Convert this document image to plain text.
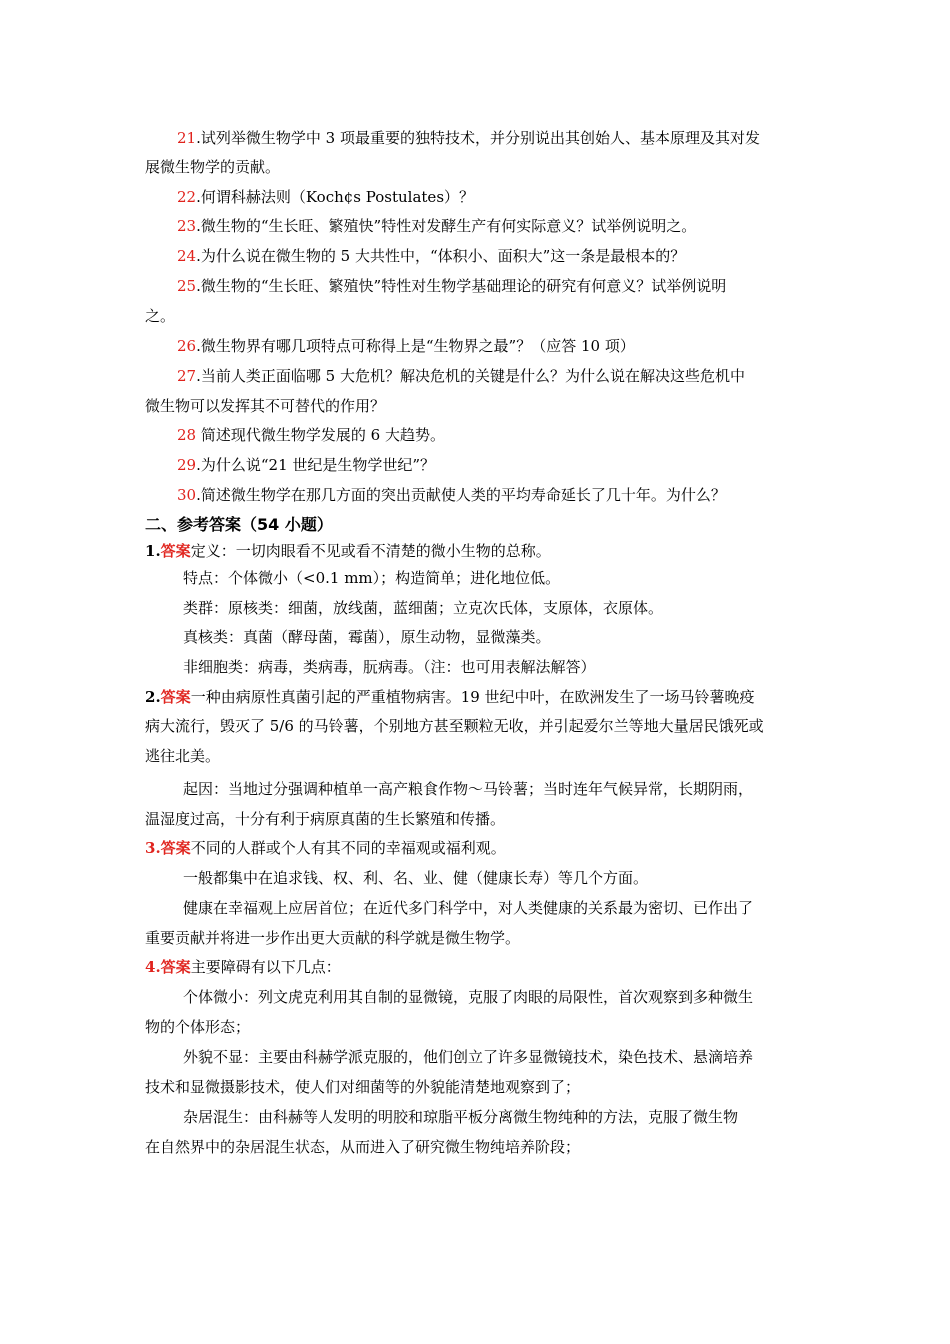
21.试列举微生物学中 3 项最重要的独特技术，并分别说出其创始人、基本原理及其对发
展微生物学的贡献。
22.何谓科赫法则（Koch¢s Postulates）？
23.微生物的“生长旺、繁殖快”特性对发酵生产有何实际意义？试举例说明之。
24.为什么说在微生物的 5 大共性中，“体积小、面积大”这一条是最根本的？
25.微生物的“生长旺、繁殖快”特性对生物学基础理论的研究有何意义？试举例说明
之。
26.微生物界有哪几项特点可称得上是“生物界之最”？（应答 10 项）
27.当前人类正面临哪 5 大危机？解决危机的关键是什么？为什么说在解决这些危机中
微生物可以发挥其不可替代的作用？
28 简述现代微生物学发展的 6 大趋势。
29.为什么说“21 世纪是生物学世纪”？
30.简述微生物学在那几方面的突出贡献使人类的平均寿命延长了几十年。为什么？
二、参考答案（54 小题）
1.答案定义：一切肉眼看不见或看不清楚的微小生物的总称。
特点：个体微小（<0.1 mm）；构造简单；进化地位低。
类群：原核类：细菌，放线菌，蓝细菌；立克次氏体，支原体，衣原体。
真核类：真菌（酵母菌，霉菌），原生动物，显微藻类。
非细胞类：病毒，类病毒，朊病毒。（注：也可用表解法解答）
2.答案一种由病原性真菌引起的严重植物病害。19 世纪中叶，在欧洲发生了一场马铃薯晚疫
病大流行，毁灭了 5/6 的马铃薯，个别地方甚至颗粒无收，并引起爱尔兰等地大量居民饿死或
逃往北美。
起因：当地过分强调种植单一高产粮食作物～马铃薯；当时连年气候异常，长期阴雨，
温湿度过高，十分有利于病原真菌的生长繁殖和传播。
3.答案不同的人群或个人有其不同的幸福观或福利观。
一般都集中在追求钱、权、利、名、业、健（健康长寿）等几个方面。
健康在幸福观上应居首位；在近代多门科学中，对人类健康的关系最为密切、已作出了
重要贡献并将进一步作出更大贡献的科学就是微生物学。
4.答案主要障碍有以下几点：
个体微小：列文虎克利用其自制的显微镜，克服了肉眼的局限性，首次观察到多种微生
物的个体形态；
外貌不显：主要由科赫学派克服的，他们创立了许多显微镜技术，染色技术、悬滴培养
技术和显微摄影技术，使人们对细菌等的外貌能清楚地观察到了；
杂居混生：由科赫等人发明的明胶和琼脂平板分离微生物纯种的方法，克服了微生物
在自然界中的杂居混生状态，从而进入了研究微生物纯培养阶段；
